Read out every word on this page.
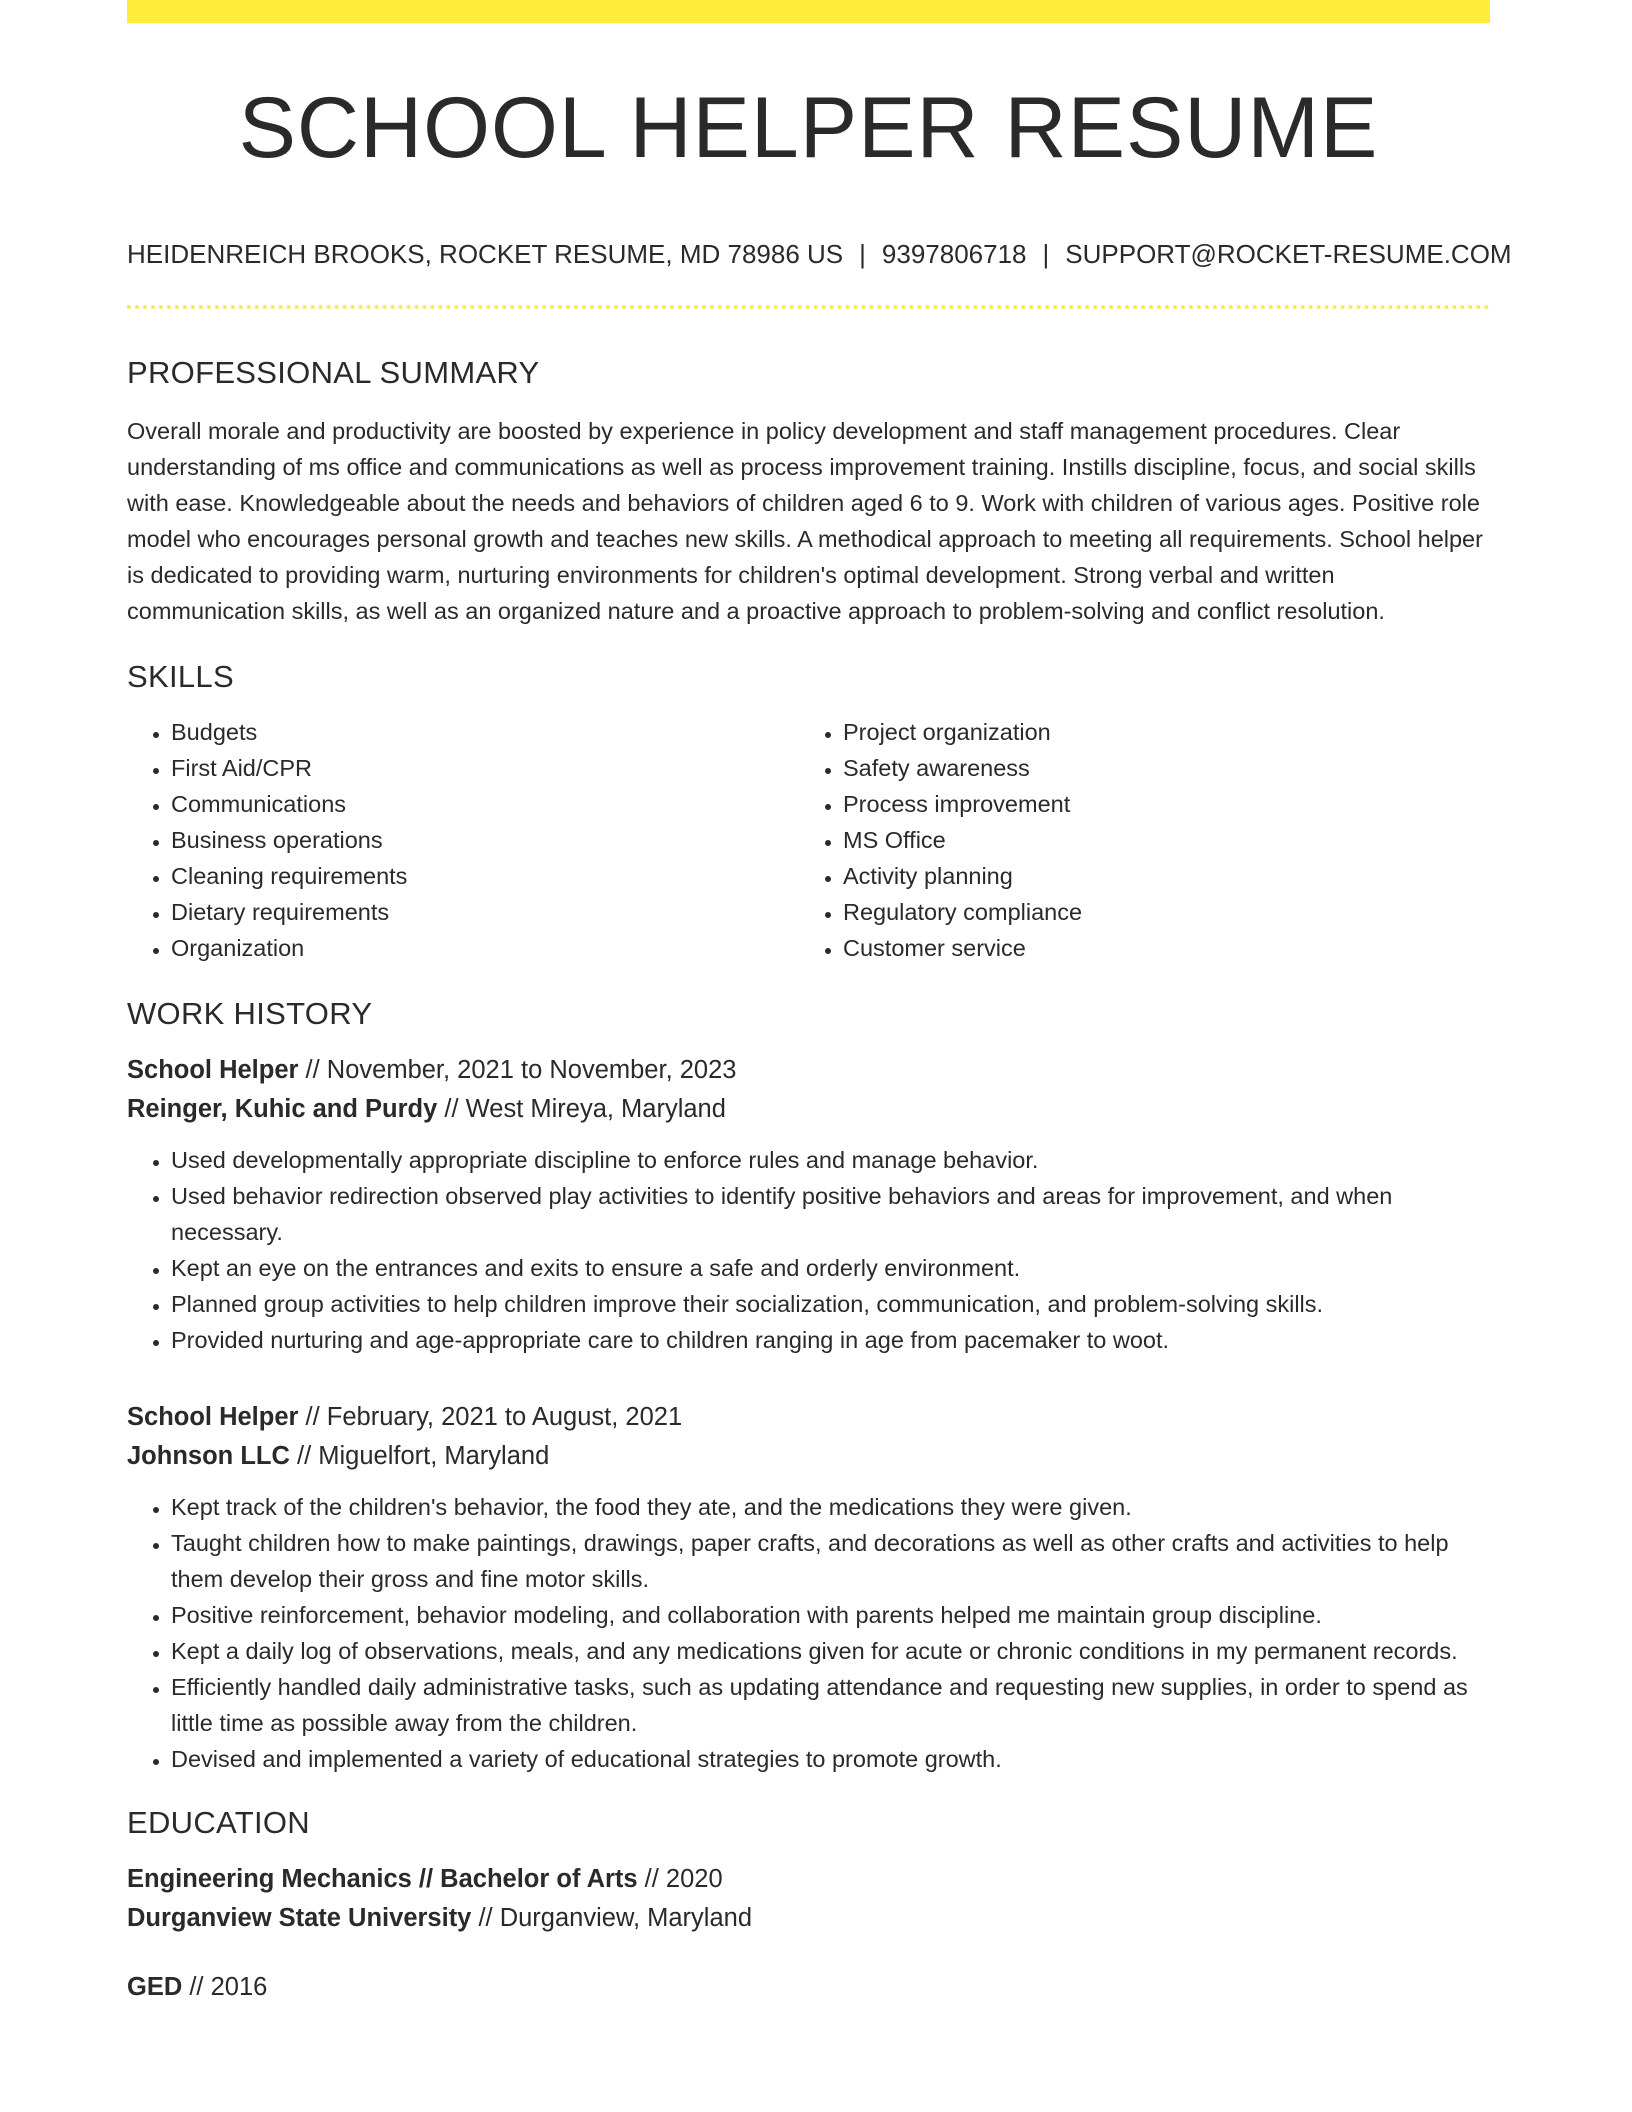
SCHOOL HELPER RESUME
HEIDENREICH BROOKS, ROCKET RESUME, MD 78986 US | 9397806718 | SUPPORT@ROCKET-RESUME.COM
PROFESSIONAL SUMMARY

Overall morale and productivity are boosted by experience in policy development and staff management procedures. Clear understanding of ms office and communications as well as process improvement training. Instills discipline, focus, and social skills with ease. Knowledgeable about the needs and behaviors of children aged 6 to 9. Work with children of various ages. Positive role model who encourages personal growth and teaches new skills. A methodical approach to meeting all requirements. School helper is dedicated to providing warm, nurturing environments for children's optimal development. Strong verbal and written communication skills, as well as an organized nature and a proactive approach to problem-solving and conflict resolution.

SKILLS
• Budgets
• First Aid/CPR
• Communications
• Business operations
• Cleaning requirements
• Dietary requirements
• Organization
• Project organization
• Safety awareness
• Process improvement
• MS Office
• Activity planning
• Regulatory compliance
• Customer service
WORK HISTORY
School Helper // November, 2021 to November, 2023
Reinger, Kuhic and Purdy // West Mireya, Maryland
• Used developmentally appropriate discipline to enforce rules and manage behavior.
• Used behavior redirection observed play activities to identify positive behaviors and areas for improvement, and when necessary.
• Kept an eye on the entrances and exits to ensure a safe and orderly environment.
• Planned group activities to help children improve their socialization, communication, and problem-solving skills.
• Provided nurturing and age-appropriate care to children ranging in age from pacemaker to woot.
School Helper // February, 2021 to August, 2021
Johnson LLC // Miguelfort, Maryland
• Kept track of the children's behavior, the food they ate, and the medications they were given.
• Taught children how to make paintings, drawings, paper crafts, and decorations as well as other crafts and activities to help them develop their gross and fine motor skills.
• Positive reinforcement, behavior modeling, and collaboration with parents helped me maintain group discipline.
• Kept a daily log of observations, meals, and any medications given for acute or chronic conditions in my permanent records.
• Efficiently handled daily administrative tasks, such as updating attendance and requesting new supplies, in order to spend as little time as possible away from the children.
• Devised and implemented a variety of educational strategies to promote growth.
EDUCATION
Engineering Mechanics // Bachelor of Arts // 2020
Durganview State University // Durganview, Maryland
GED // 2016
